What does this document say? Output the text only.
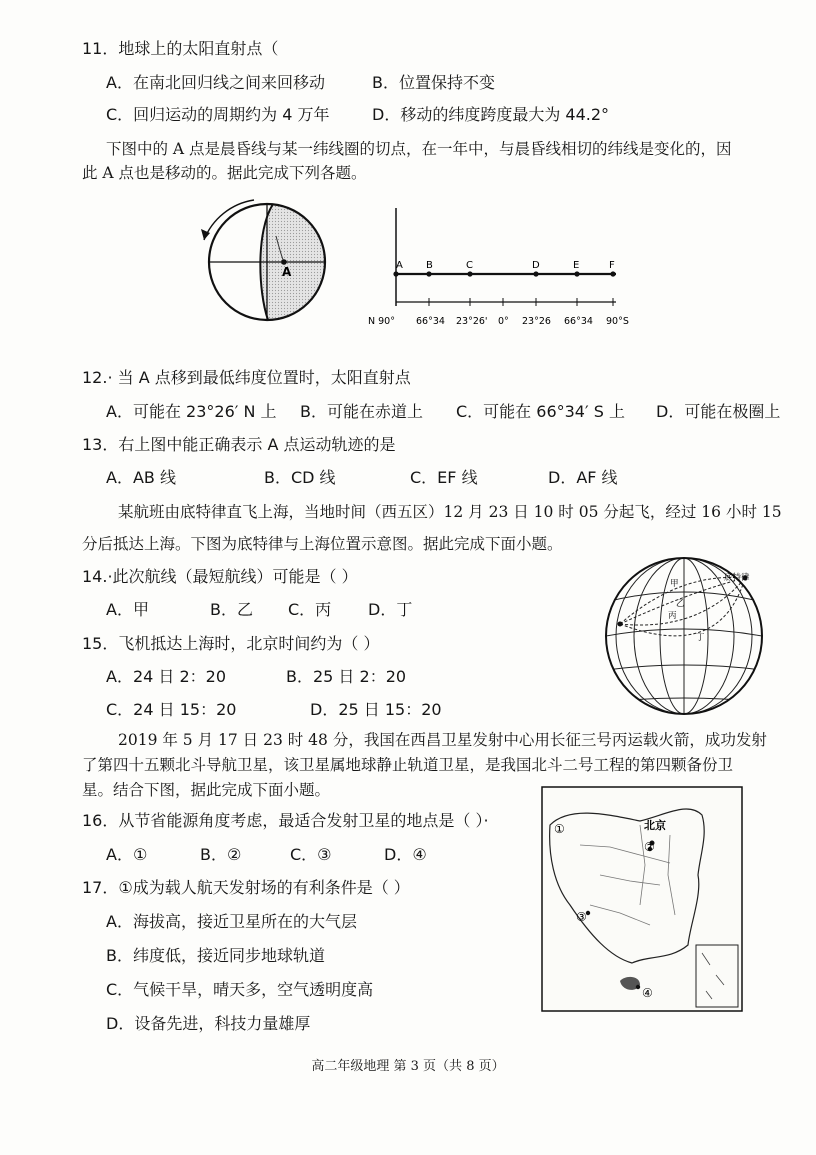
11．地球上的太阳直射点（
A．在南北回归线之间来回移动	B．位置保持不变
C．回归运动的周期约为 4 万年	D．移动的纬度跨度最大为 44.2°
下图中的 A 点是晨昏线与某一纬线圈的切点，在一年中，与晨昏线相切的纬线是变化的，因
此 A 点也是移动的。据此完成下列各题。
A	A B	C	D	E	F
N 90° 66°34 23°26' 0° 23°26 66°34 90°S
12.· 当 A 点移到最低纬度位置时，太阳直射点
A．可能在 23°26′ N 上 B．可能在赤道上 C．可能在 66°34′ S 上 D．可能在极圈上
13．右上图中能正确表示 A 点运动轨迹的是
A．AB 线	B．CD 线	C．EF 线	D．AF 线
某航班由底特律直飞上海，当地时间（西五区）12 月 23 日 10 时 05 分起飞，经过 16 小时 15
分后抵达上海。下图为底特律与上海位置示意图。据此完成下面小题。
14.·此次航线（最短航线）可能是（ ）
A．甲	B．乙 C．丙 D．丁
底特律
甲
乙
丙
丁
15．飞机抵达上海时，北京时间约为（ ）
A．24 日 2：20	B．25 日 2：20
C．24 日 15：20	D．25 日 15：20
2019 年 5 月 17 日 23 时 48 分，我国在西昌卫星发射中心用长征三号丙运载火箭，成功发射
了第四十五颗北斗导航卫星，该卫星属地球静止轨道卫星，是我国北斗二号工程的第四颗备份卫
星。结合下图，据此完成下面小题。
①	北京
②
③
④
16．从节省能源角度考虑，最适合发射卫星的地点是（ ）·
A．①	B．②	C．③	D．④
17．①成为载人航天发射场的有利条件是（ ）
A．海拔高，接近卫星所在的大气层
B．纬度低，接近同步地球轨道
C．气候干旱，晴天多，空气透明度高
D．设备先进，科技力量雄厚
高二年级地理 第 3 页（共 8 页）
